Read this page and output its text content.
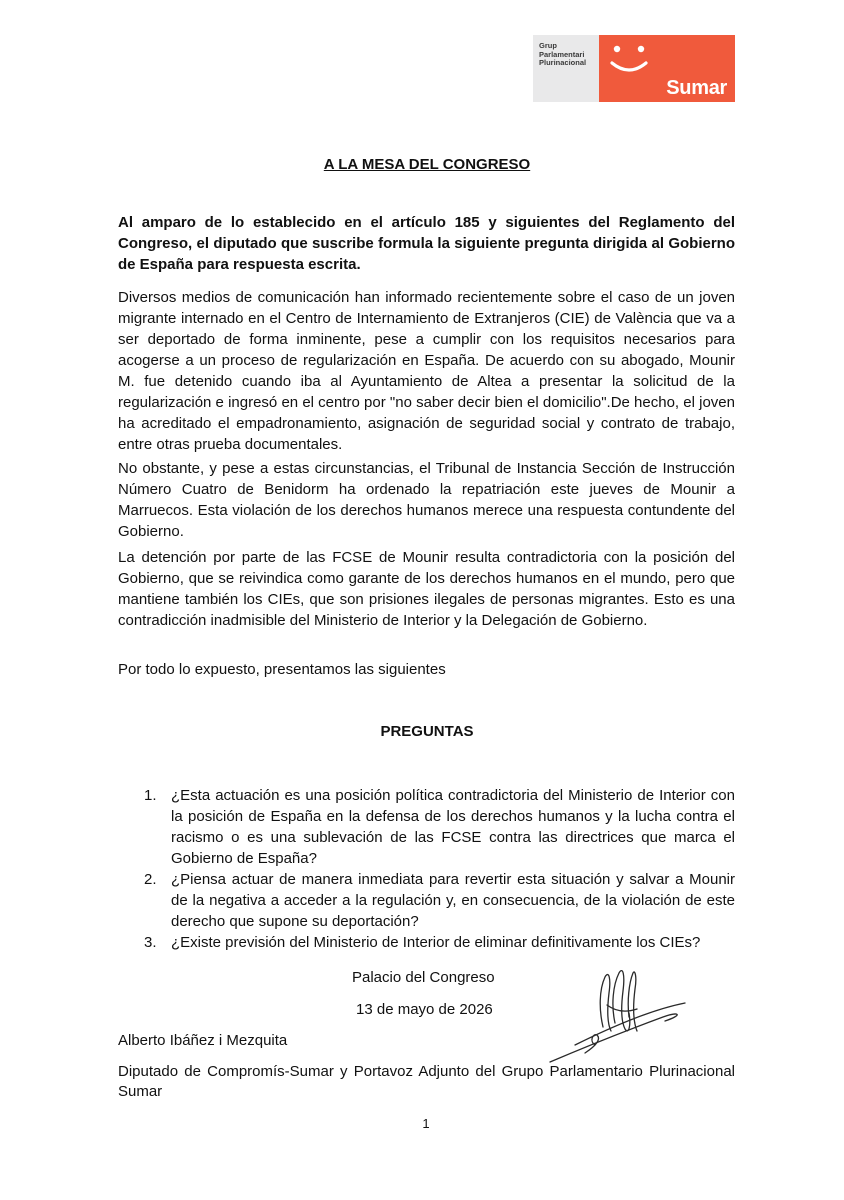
Grup
Parlamentari
Plurinacional
Sumar
A LA MESA DEL CONGRESO

Al amparo de lo establecido en el artículo 185 y siguientes del Reglamento del Congreso, el diputado que suscribe formula la siguiente pregunta dirigida al Gobierno de España para respuesta escrita.

Diversos medios de comunicación han informado recientemente sobre el caso de un joven migrante internado en el Centro de Internamiento de Extranjeros (CIE) de València que va a ser deportado de forma inminente, pese a cumplir con los requisitos necesarios para acogerse a un proceso de regularización en España. De acuerdo con su abogado, Mounir M. fue detenido cuando iba al Ayuntamiento de Altea a presentar la solicitud de la regularización e ingresó en el centro por "no saber decir bien el domicilio".De hecho, el joven ha acreditado el empadronamiento, asignación de seguridad social y contrato de trabajo, entre otras prueba documentales.

No obstante, y pese a estas circunstancias, el Tribunal de Instancia Sección de Instrucción Número Cuatro de Benidorm ha ordenado la repatriación este jueves de Mounir a Marruecos. Esta violación de los derechos humanos merece una respuesta contundente del Gobierno.

La detención por parte de las FCSE de Mounir resulta contradictoria con la posición del Gobierno, que se reivindica como garante de los derechos humanos en el mundo, pero que mantiene también los CIEs, que son prisiones ilegales de personas migrantes. Esto es una contradicción inadmisible del Ministerio de Interior y la Delegación de Gobierno.

Por todo lo expuesto, presentamos las siguientes

PREGUNTAS
1. ¿Esta actuación es una posición política contradictoria del Ministerio de Interior con la posición de España en la defensa de los derechos humanos y la lucha contra el racismo o es una sublevación de las FCSE contra las directrices que marca el Gobierno de España?
2. ¿Piensa actuar de manera inmediata para revertir esta situación y salvar a Mounir de la negativa a acceder a la regulación y, en consecuencia, de la violación de este derecho que supone su deportación?
3. ¿Existe previsión del Ministerio de Interior de eliminar definitivamente los CIEs?

Palacio del Congreso

13 de mayo de 2026

Alberto Ibáñez i Mezquita

Diputado de Compromís-Sumar y Portavoz Adjunto del Grupo Parlamentario Plurinacional Sumar

1
